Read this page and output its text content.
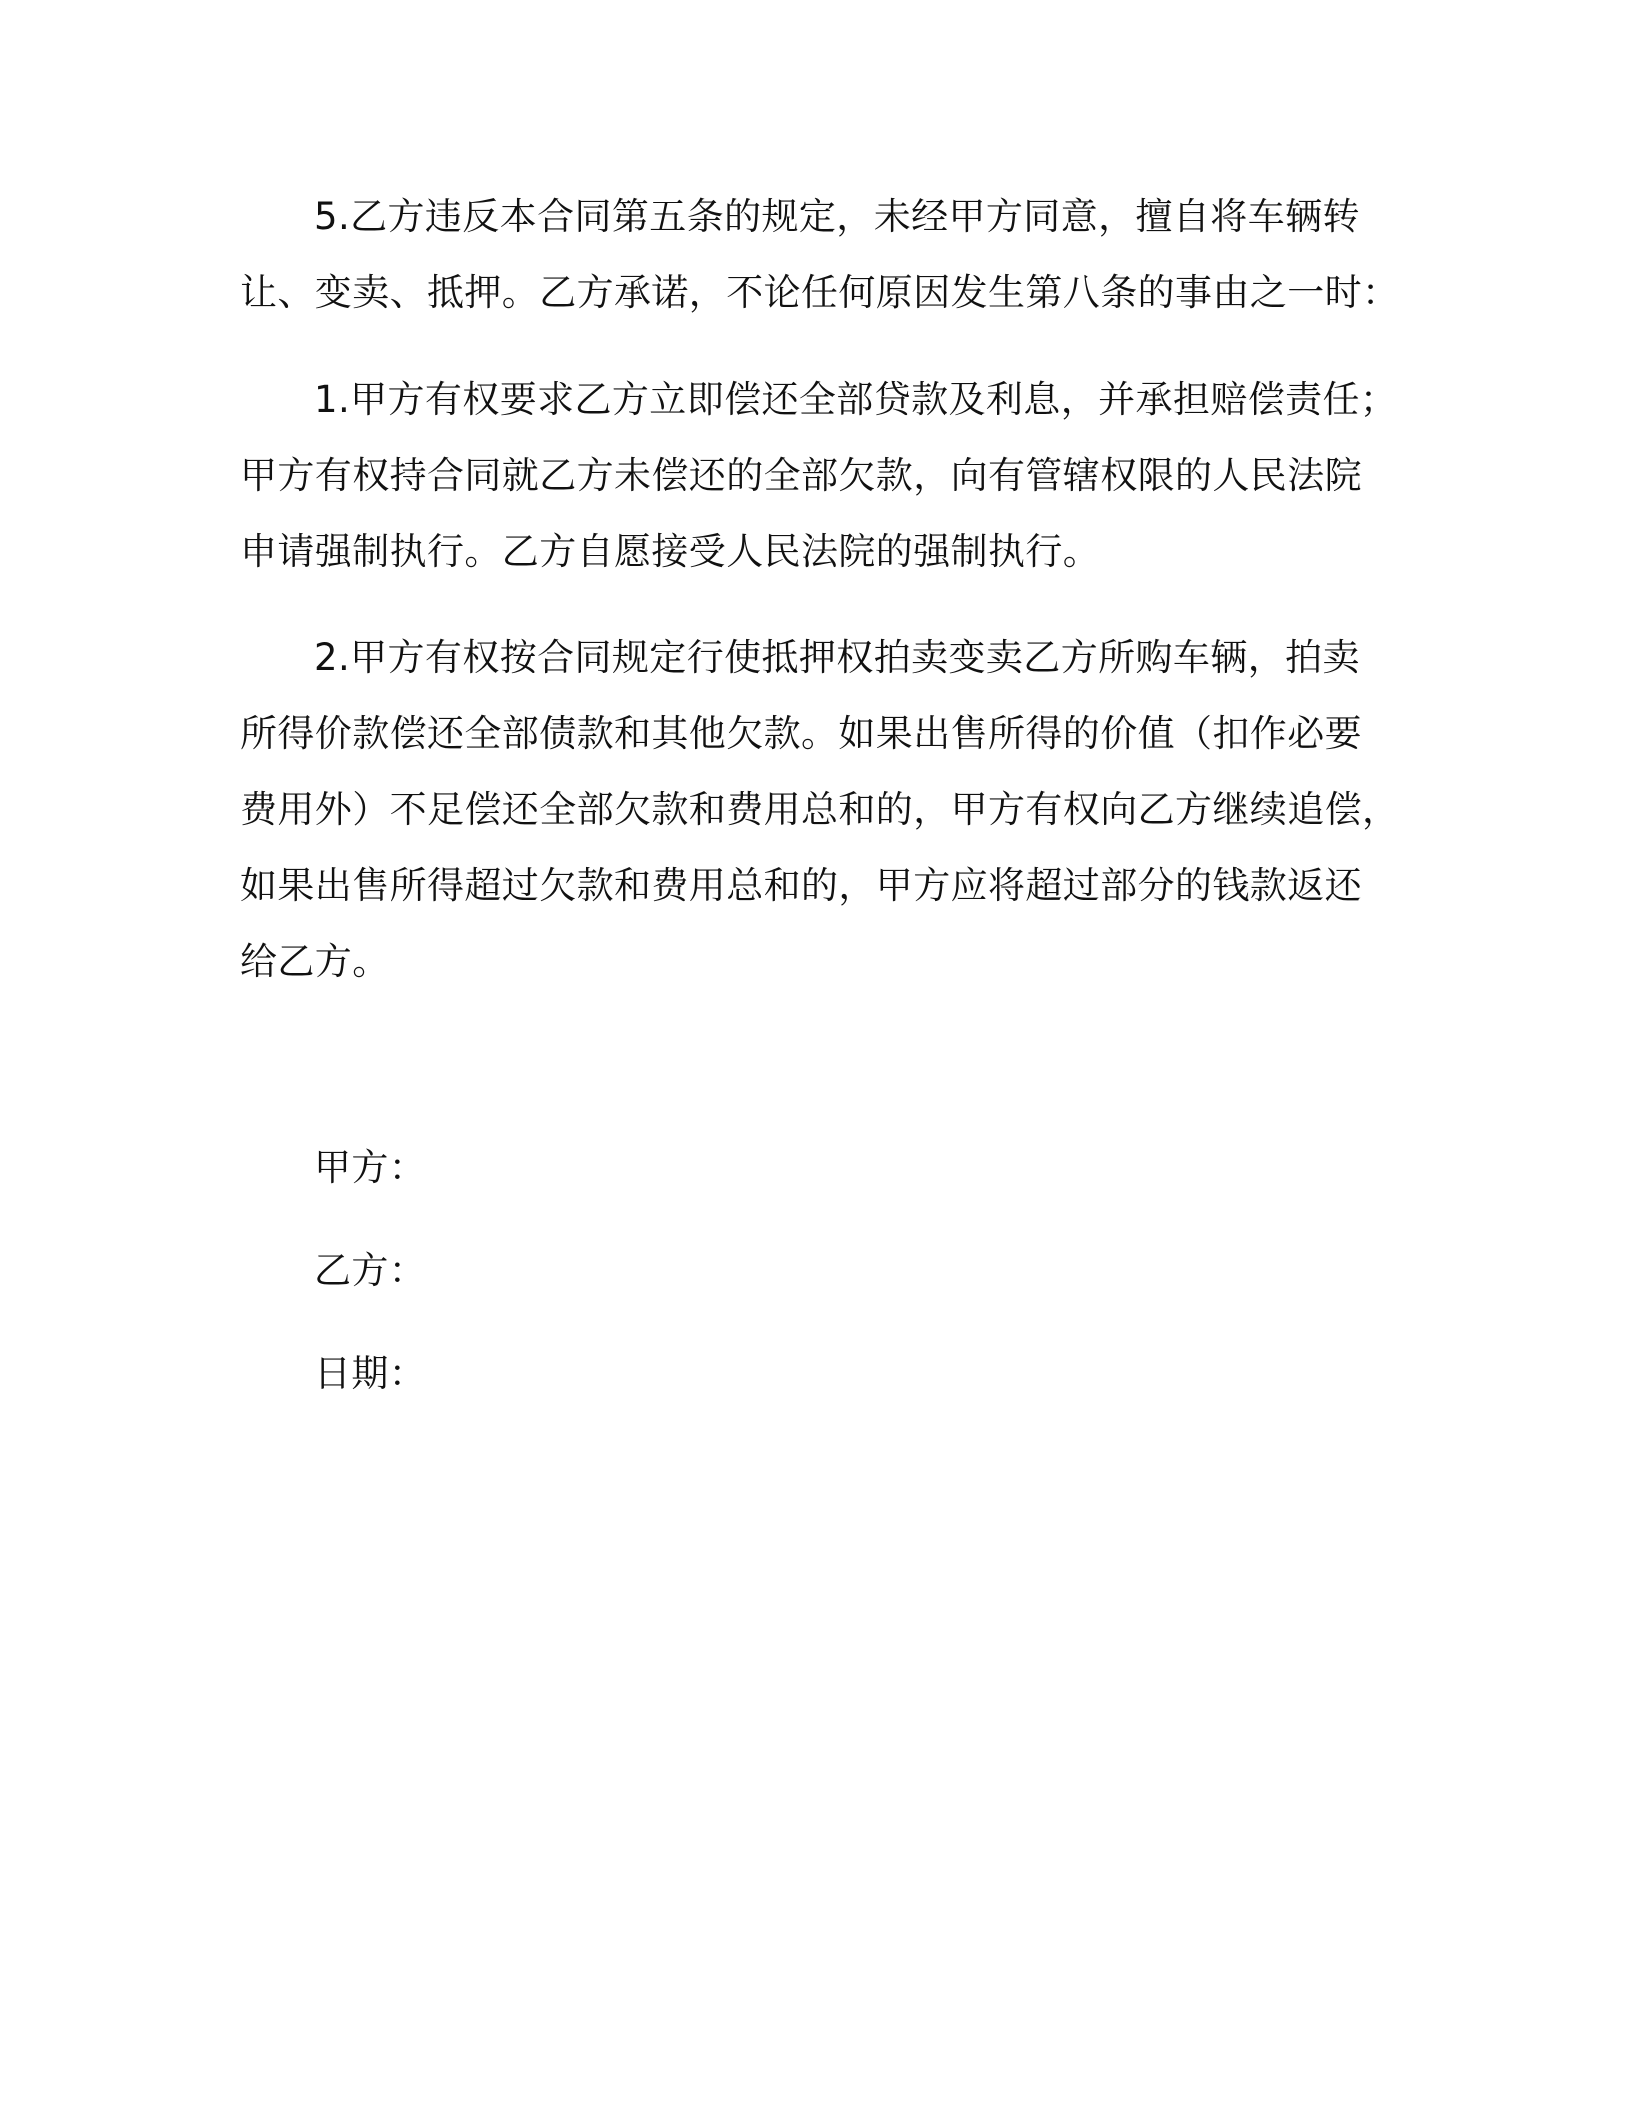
5.乙方违反本合同第五条的规定，未经甲方同意，擅自将车辆转
让、变卖、抵押。乙方承诺，不论任何原因发生第八条的事由之一时：
1.甲方有权要求乙方立即偿还全部贷款及利息，并承担赔偿责任；
甲方有权持合同就乙方未偿还的全部欠款，向有管辖权限的人民法院
申请强制执行。乙方自愿接受人民法院的强制执行。
2.甲方有权按合同规定行使抵押权拍卖变卖乙方所购车辆，拍卖
所得价款偿还全部债款和其他欠款。如果出售所得的价值（扣作必要
费用外）不足偿还全部欠款和费用总和的，甲方有权向乙方继续追偿，
如果出售所得超过欠款和费用总和的，甲方应将超过部分的钱款返还
给乙方。
甲方：
乙方：
日期：
